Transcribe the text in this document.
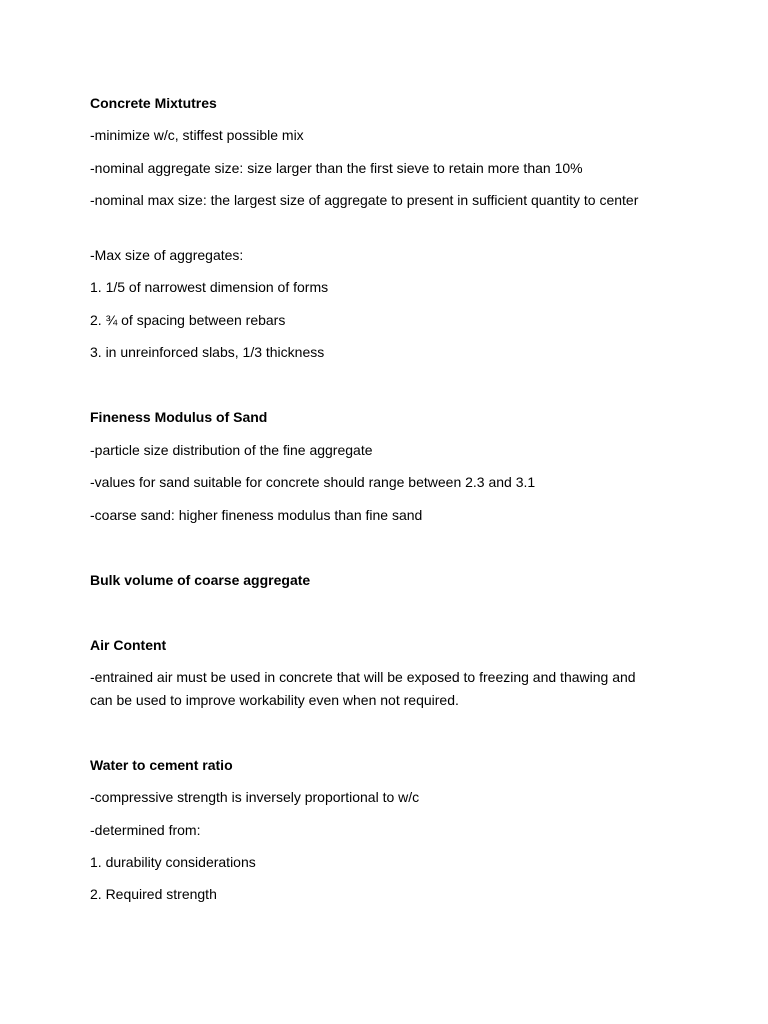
Concrete Mixtutres
-minimize w/c, stiffest possible mix
-nominal aggregate size: size larger than the first sieve to retain more than 10%
-nominal max size: the largest size of aggregate to present in sufficient quantity to center
-Max size of aggregates:
1. 1/5 of narrowest dimension of forms
2. ¾ of spacing between rebars
3. in unreinforced slabs, 1/3 thickness
Fineness Modulus of Sand
-particle size distribution of the fine aggregate
-values for sand suitable for concrete should range between 2.3 and 3.1
-coarse sand: higher fineness modulus than fine sand
Bulk volume of coarse aggregate
Air Content
-entrained air must be used in concrete that will be exposed to freezing and thawing and can be used to improve workability even when not required.
Water to cement ratio
-compressive strength is inversely proportional to w/c
-determined from:
1. durability considerations
2. Required strength
